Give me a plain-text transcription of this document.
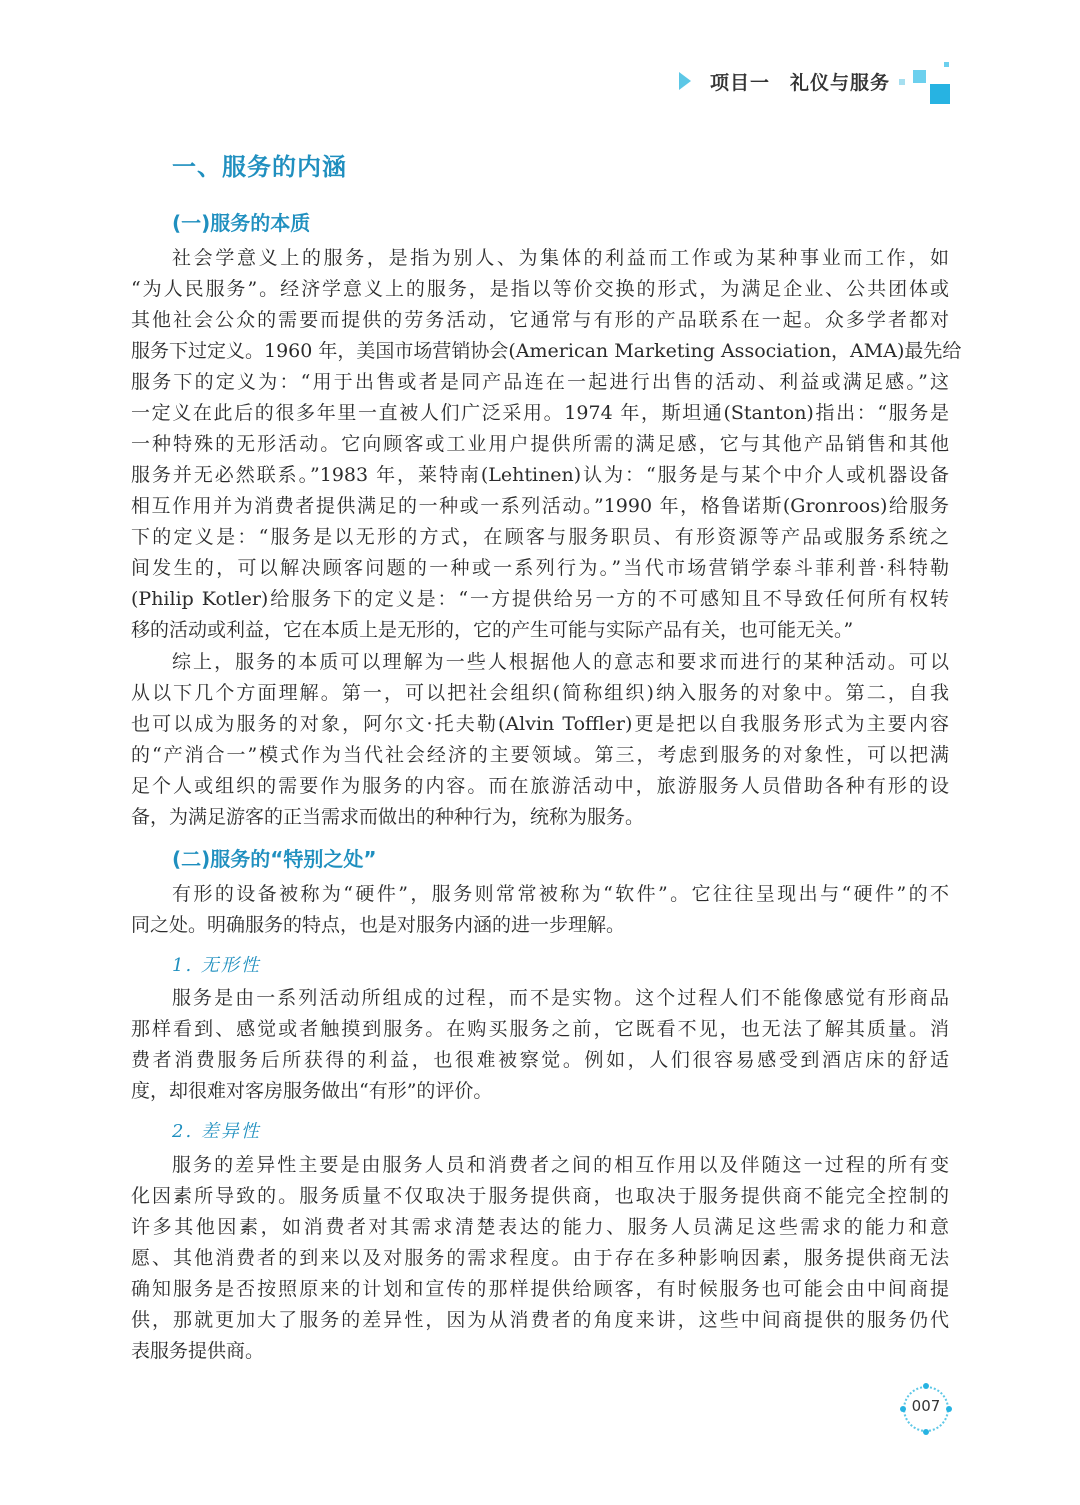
项目一　礼仪与服务
一、服务的内涵
(一)服务的本质
社会学意义上的服务，是指为别人、为集体的利益而工作或为某种事业而工作，如
“为人民服务”。经济学意义上的服务，是指以等价交换的形式，为满足企业、公共团体或
其他社会公众的需要而提供的劳务活动，它通常与有形的产品联系在一起。众多学者都对
服务下过定义。1960 年，美国市场营销协会(American Marketing Association，AMA)最先给
服务下的定义为：“用于出售或者是同产品连在一起进行出售的活动、利益或满足感。”这
一定义在此后的很多年里一直被人们广泛采用。1974 年，斯坦通(Stanton)指出：“服务是
一种特殊的无形活动。它向顾客或工业用户提供所需的满足感，它与其他产品销售和其他
服务并无必然联系。”1983 年，莱特南(Lehtinen)认为：“服务是与某个中介人或机器设备
相互作用并为消费者提供满足的一种或一系列活动。”1990 年，格鲁诺斯(Gronroos)给服务
下的定义是：“服务是以无形的方式，在顾客与服务职员、有形资源等产品或服务系统之
间发生的，可以解决顾客问题的一种或一系列行为。”当代市场营销学泰斗菲利普·科特勒
(Philip Kotler)给服务下的定义是：“一方提供给另一方的不可感知且不导致任何所有权转
移的活动或利益，它在本质上是无形的，它的产生可能与实际产品有关，也可能无关。”
综上，服务的本质可以理解为一些人根据他人的意志和要求而进行的某种活动。可以
从以下几个方面理解。第一，可以把社会组织(简称组织)纳入服务的对象中。第二，自我
也可以成为服务的对象，阿尔文·托夫勒(Alvin Toffler)更是把以自我服务形式为主要内容
的“产消合一”模式作为当代社会经济的主要领域。第三，考虑到服务的对象性，可以把满
足个人或组织的需要作为服务的内容。而在旅游活动中，旅游服务人员借助各种有形的设
备，为满足游客的正当需求而做出的种种行为，统称为服务。
(二)服务的“特别之处”
有形的设备被称为“硬件”，服务则常常被称为“软件”。它往往呈现出与“硬件”的不
同之处。明确服务的特点，也是对服务内涵的进一步理解。
1. 无形性
服务是由一系列活动所组成的过程，而不是实物。这个过程人们不能像感觉有形商品
那样看到、感觉或者触摸到服务。在购买服务之前，它既看不见，也无法了解其质量。消
费者消费服务后所获得的利益，也很难被察觉。例如，人们很容易感受到酒店床的舒适
度，却很难对客房服务做出“有形”的评价。
2. 差异性
服务的差异性主要是由服务人员和消费者之间的相互作用以及伴随这一过程的所有变
化因素所导致的。服务质量不仅取决于服务提供商，也取决于服务提供商不能完全控制的
许多其他因素，如消费者对其需求清楚表达的能力、服务人员满足这些需求的能力和意
愿、其他消费者的到来以及对服务的需求程度。由于存在多种影响因素，服务提供商无法
确知服务是否按照原来的计划和宣传的那样提供给顾客，有时候服务也可能会由中间商提
供，那就更加大了服务的差异性，因为从消费者的角度来讲，这些中间商提供的服务仍代
表服务提供商。
007
